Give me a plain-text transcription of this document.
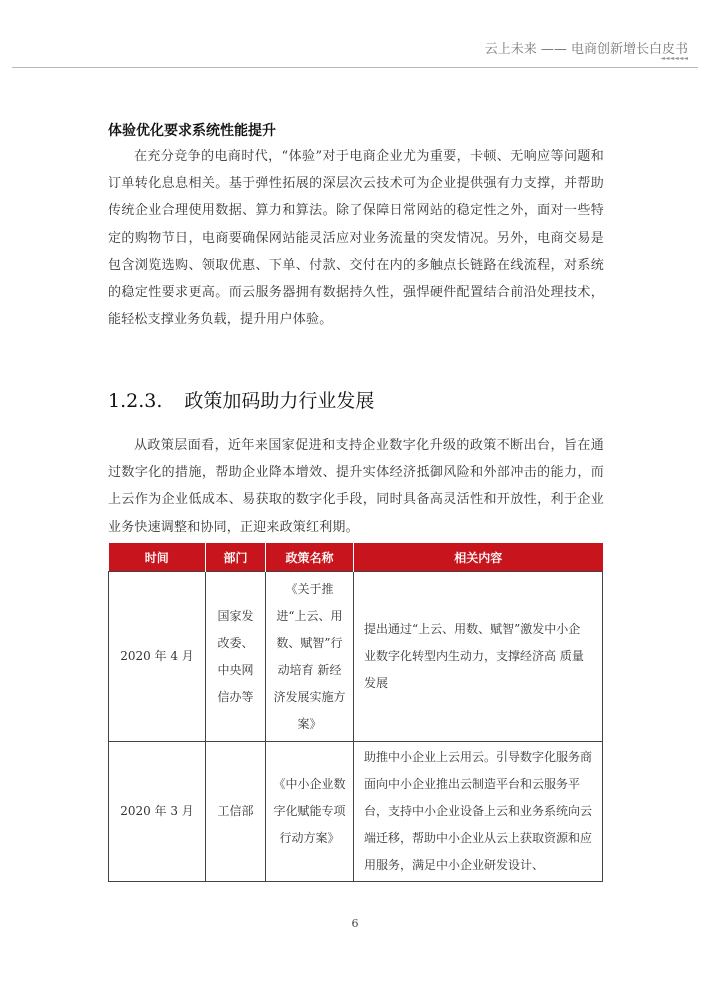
云上未来 —— 电商创新增长白皮书
◄◄◄◄◄◄
体验优化要求系统性能提升
在充分竞争的电商时代，“体验”对于电商企业尤为重要，卡顿、无响应等问题和订单转化息息相关。基于弹性拓展的深层次云技术可为企业提供强有力支撑，并帮助传统企业合理使用数据、算力和算法。除了保障日常网站的稳定性之外，面对一些特定的购物节日，电商要确保网站能灵活应对业务流量的突发情况。另外，电商交易是包含浏览选购、领取优惠、下单、付款、交付在内的多触点长链路在线流程，对系统的稳定性要求更高。而云服务器拥有数据持久性，强悍硬件配置结合前沿处理技术，能轻松支撑业务负载，提升用户体验。
1.2.3. 政策加码助力行业发展
从政策层面看，近年来国家促进和支持企业数字化升级的政策不断出台，旨在通过数字化的措施，帮助企业降本增效、提升实体经济抵御风险和外部冲击的能力，而上云作为企业低成本、易获取的数字化手段，同时具备高灵活性和开放性，利于企业业务快速调整和协同，正迎来政策红利期。
时间	部门	政策名称	相关内容
2020 年 4 月	国家发改委、中央网信办等	《关于推进“上云、用数、赋智”行动培育 新经济发展实施方案》	提出通过“上云、用数、赋智”激发中小企业数字化转型内生动力，支撑经济高 质量发展
2020 年 3 月	工信部	《中小企业数字化赋能专项行动方案》	助推中小企业上云用云。引导数字化服务商面向中小企业推出云制造平台和云服务平台，支持中小企业设备上云和业务系统向云端迁移，帮助中小企业从云上获取资源和应用服务，满足中小企业研发设计、
6
